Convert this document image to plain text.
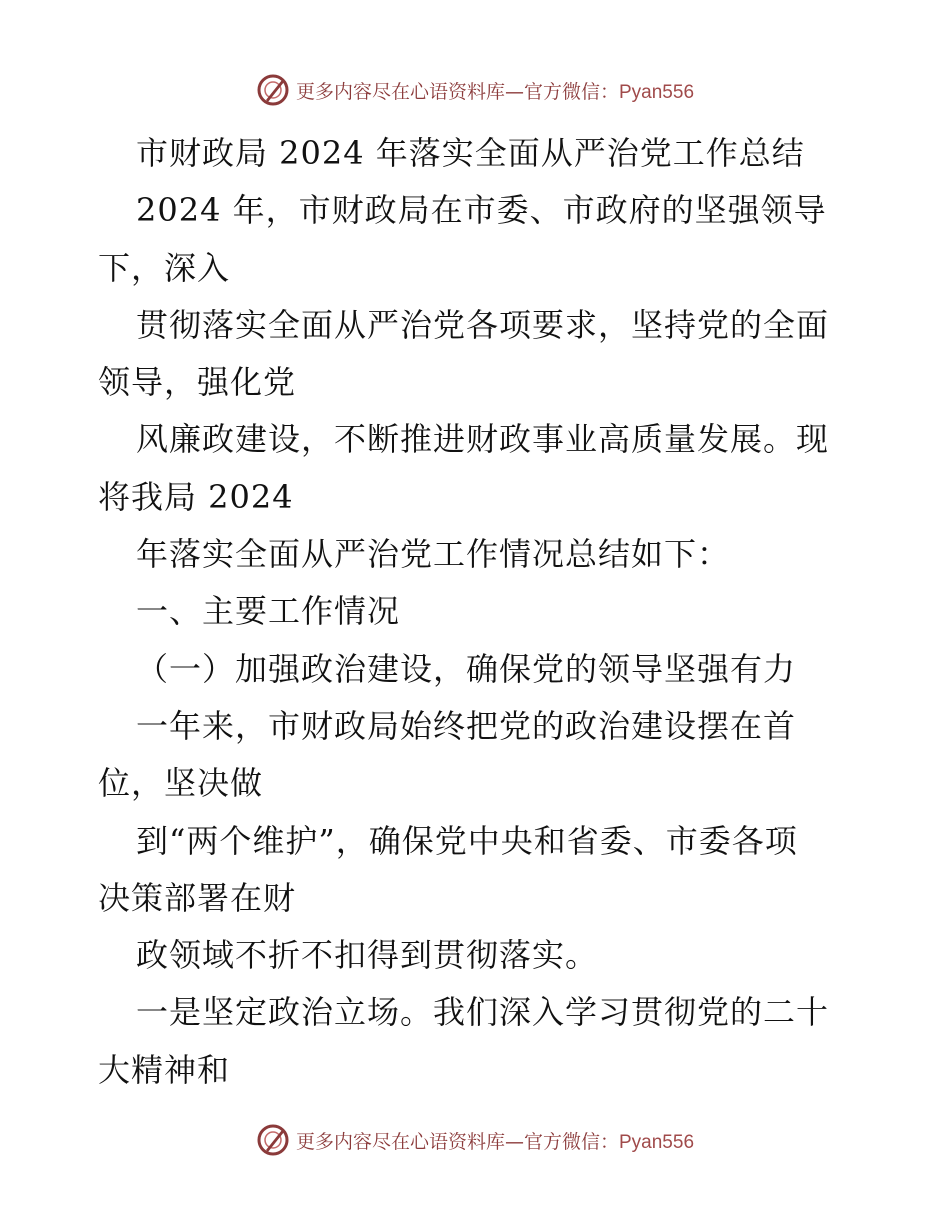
更多内容尽在心语资料库—官方微信：Pyan556
市财政局 2024 年落实全面从严治党工作总结
2024 年，市财政局在市委、市政府的坚强领导
下，深入
贯彻落实全面从严治党各项要求，坚持党的全面
领导，强化党
风廉政建设，不断推进财政事业高质量发展。现
将我局 2024
年落实全面从严治党工作情况总结如下：
一、主要工作情况
（一）加强政治建设，确保党的领导坚强有力
一年来，市财政局始终把党的政治建设摆在首
位，坚决做
到“两个维护”，确保党中央和省委、市委各项
决策部署在财
政领域不折不扣得到贯彻落实。
一是坚定政治立场。我们深入学习贯彻党的二十
大精神和
更多内容尽在心语资料库—官方微信：Pyan556
